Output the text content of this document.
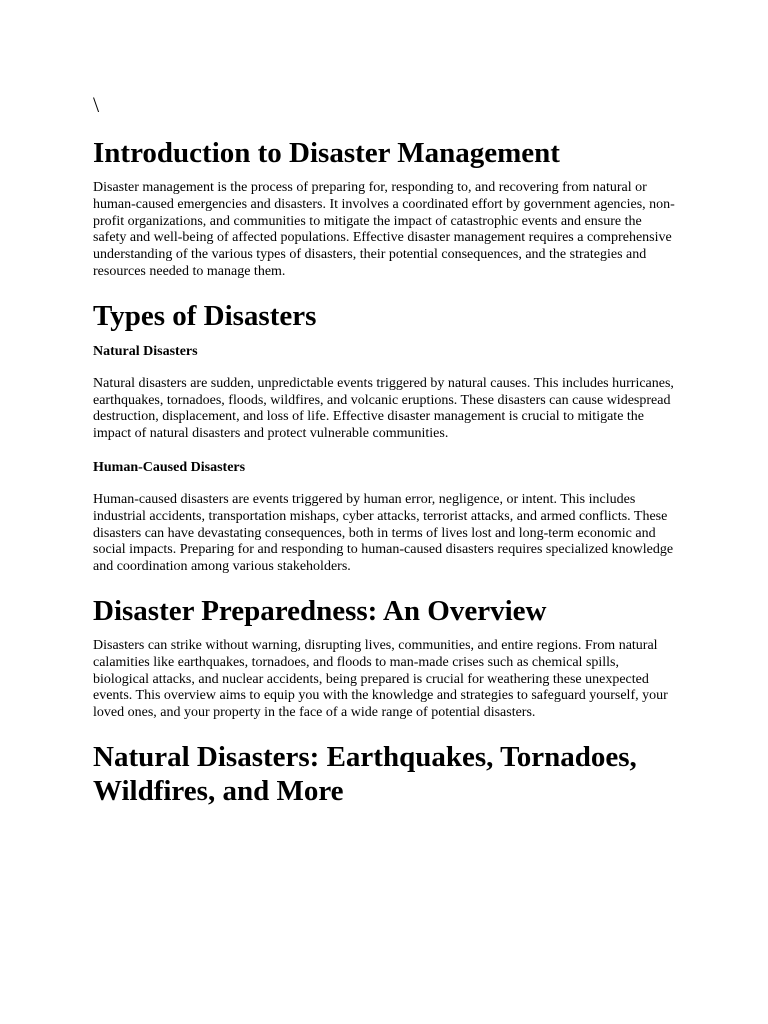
\
Introduction to Disaster Management

Disaster management is the process of preparing for, responding to, and recovering from natural or human-caused emergencies and disasters. It involves a coordinated effort by government agencies, non-profit organizations, and communities to mitigate the impact of catastrophic events and ensure the safety and well-being of affected populations. Effective disaster management requires a comprehensive understanding of the various types of disasters, their potential consequences, and the strategies and resources needed to manage them.

Types of Disasters
Natural Disasters

Natural disasters are sudden, unpredictable events triggered by natural causes. This includes hurricanes, earthquakes, tornadoes, floods, wildfires, and volcanic eruptions. These disasters can cause widespread destruction, displacement, and loss of life. Effective disaster management is crucial to mitigate the impact of natural disasters and protect vulnerable communities.

Human-Caused Disasters

Human-caused disasters are events triggered by human error, negligence, or intent. This includes industrial accidents, transportation mishaps, cyber attacks, terrorist attacks, and armed conflicts. These disasters can have devastating consequences, both in terms of lives lost and long-term economic and social impacts. Preparing for and responding to human-caused disasters requires specialized knowledge and coordination among various stakeholders.

Disaster Preparedness: An Overview

Disasters can strike without warning, disrupting lives, communities, and entire regions. From natural calamities like earthquakes, tornadoes, and floods to man-made crises such as chemical spills, biological attacks, and nuclear accidents, being prepared is crucial for weathering these unexpected events. This overview aims to equip you with the knowledge and strategies to safeguard yourself, your loved ones, and your property in the face of a wide range of potential disasters.

Natural Disasters: Earthquakes, Tornadoes, Wildfires, and More
